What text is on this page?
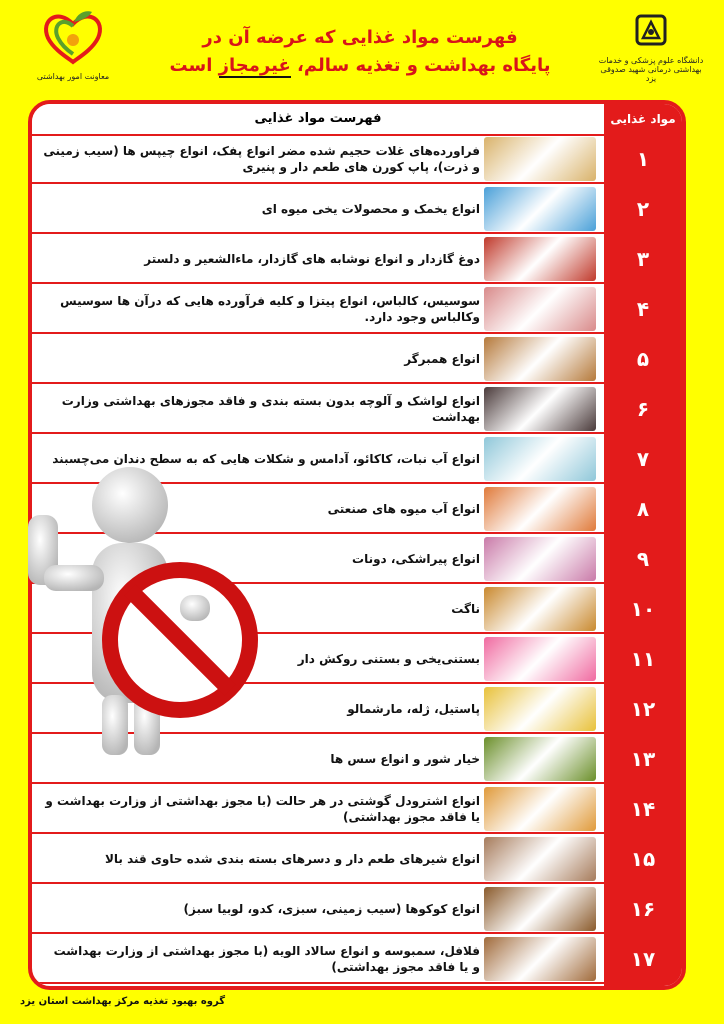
دانشگاه علوم پزشکی و خدمات بهداشتی درمانی شهید صدوقی یزد
معاونت امور بهداشتی
فهرست مواد غذایی که عرضه آن در
پایگاه بهداشت و تغذیه سالم، غیرمجاز است
فهرست مواد غذایی	مواد غذایی
۱
فراورده‌های غلات حجیم شده مضر انواع پفک، انواع چیپس ها (سیب زمینی و ذرت)، پاپ کورن های طعم دار و پنیری
۲
انواع یخمک و محصولات یخی میوه ای
۳
دوغ گازدار و انواع نوشابه های گازدار، ماءالشعیر و دلستر
۴
سوسیس، کالباس، انواع پیتزا و کلیه فرآورده هایی که درآن ها سوسیس وکالباس وجود دارد.
۵
انواع همبرگر
۶
انواع لواشک و آلوچه بدون بسته بندی و فاقد مجوزهای بهداشتی وزارت بهداشت
۷
انواع آب نبات، کاکائو، آدامس و شکلات هایی که به سطح دندان می‌چسبند
۸
انواع آب میوه های صنعتی
۹
انواع پیراشکی، دونات
۱۰
ناگت
۱۱
بستنی‌یخی و بستنی روکش دار
۱۲
پاستیل، ژله، مارشمالو
۱۳
خیار شور و انواع سس ها
۱۴
انواع اشترودل گوشتی در هر حالت (با مجوز بهداشتی از وزارت بهداشت و یا فاقد مجوز بهداشتی)
۱۵
انواع شیرهای طعم دار و دسرهای بسته بندی شده حاوی قند بالا
۱۶
انواع کوکوها (سیب زمینی، سبزی، کدو، لوبیا سبز)
۱۷
فلافل، سمبوسه و انواع سالاد الویه (با مجوز بهداشتی از وزارت بهداشت و یا فاقد مجوز بهداشتی)
گروه بهبود تغذیه مرکز بهداشت استان یزد
